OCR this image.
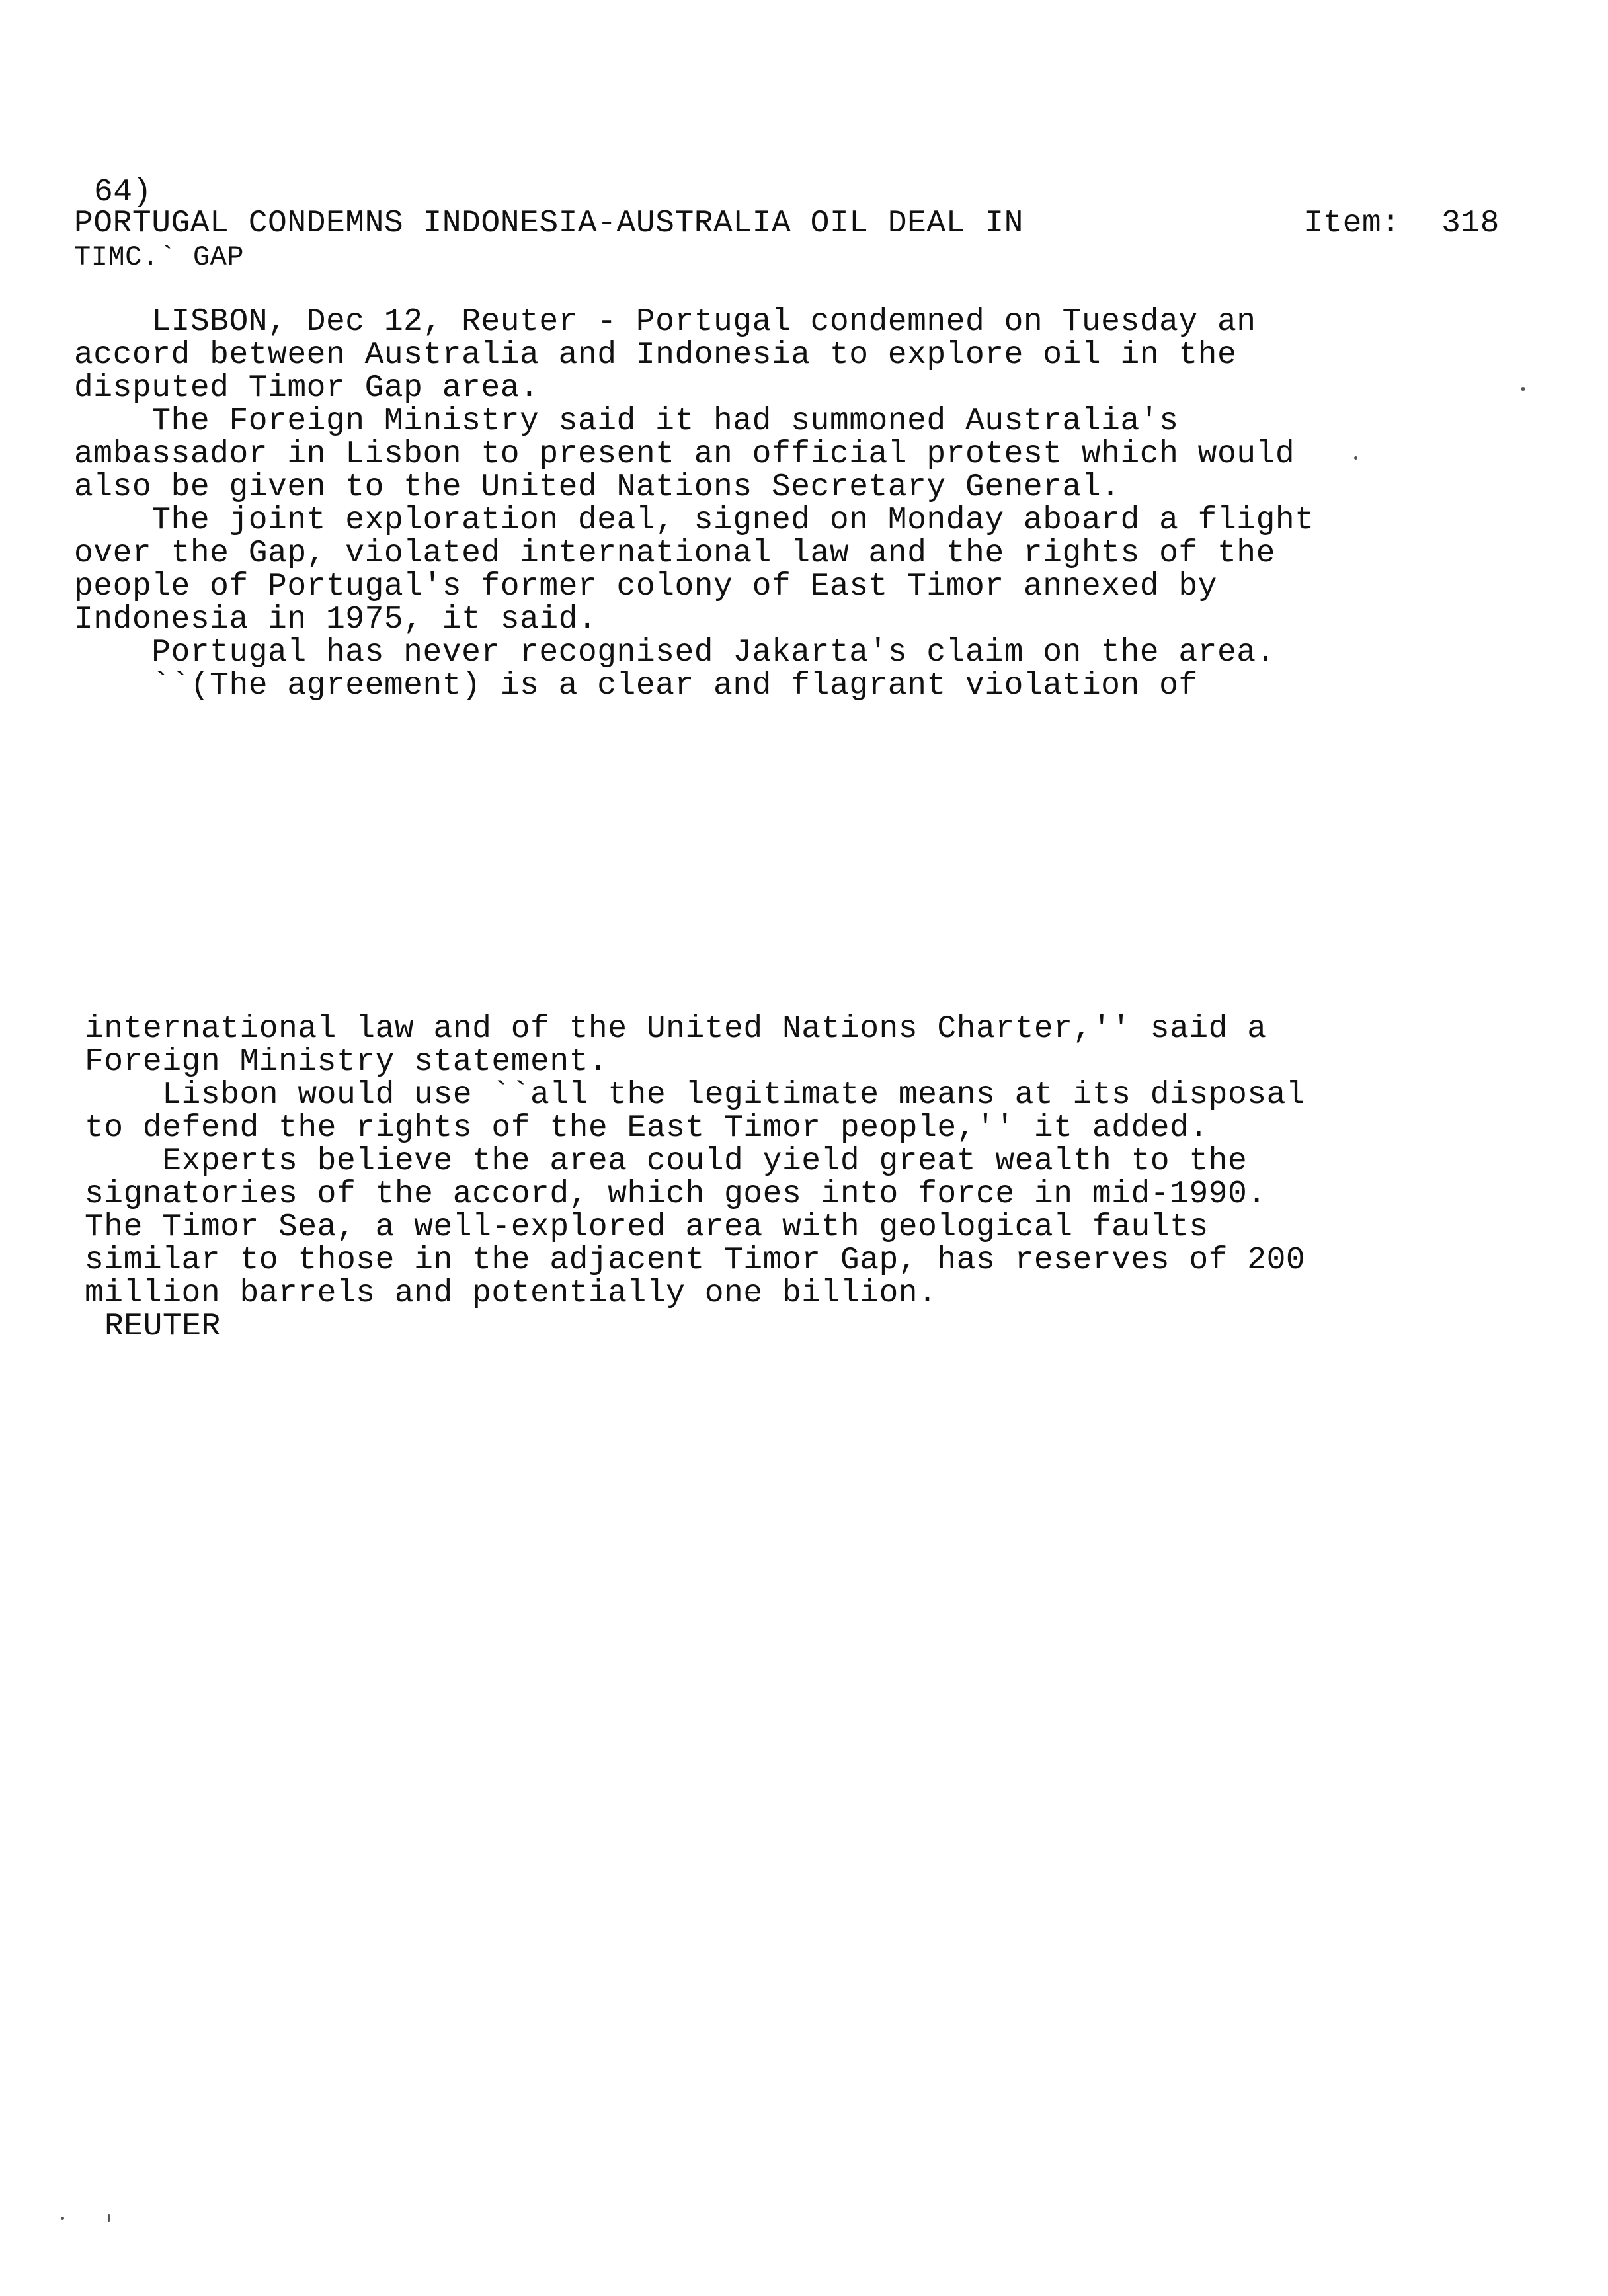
64)
PORTUGAL CONDEMNS INDONESIA-AUSTRALIA OIL DEAL IN
TIMC.` GAP
Item: 318
LISBON, Dec 12, Reuter - Portugal condemned on Tuesday an
accord between Australia and Indonesia to explore oil in the
disputed Timor Gap area.
The Foreign Ministry said it had summoned Australia's
ambassador in Lisbon to present an official protest which would
also be given to the United Nations Secretary General.
The joint exploration deal, signed on Monday aboard a flight
over the Gap, violated international law and the rights of the
people of Portugal's former colony of East Timor annexed by
Indonesia in 1975, it said.
Portugal has never recognised Jakarta's claim on the area.
``(The agreement) is a clear and flagrant violation of
international law and of the United Nations Charter,'' said a
Foreign Ministry statement.
Lisbon would use ``all the legitimate means at its disposal
to defend the rights of the East Timor people,'' it added.
Experts believe the area could yield great wealth to the
signatories of the accord, which goes into force in mid-1990.
The Timor Sea, a well-explored area with geological faults
similar to those in the adjacent Timor Gap, has reserves of 200
million barrels and potentially one billion.
REUTER
